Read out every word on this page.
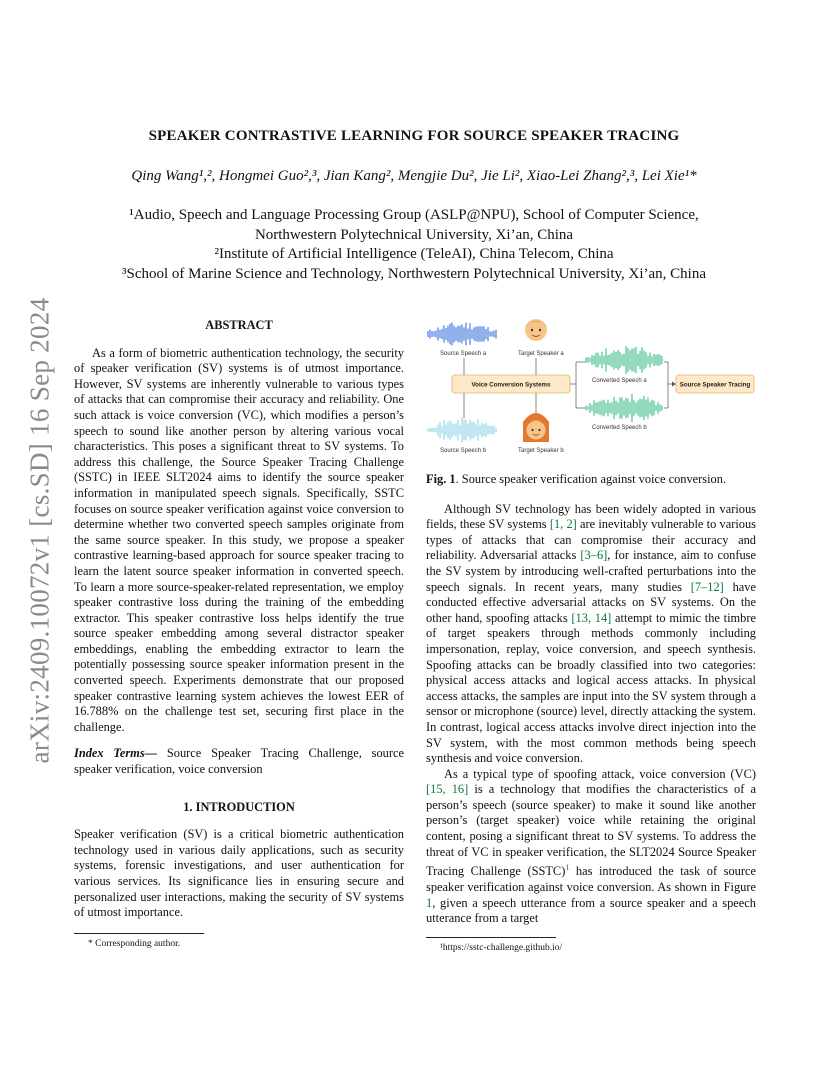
arXiv:2409.10072v1 [cs.SD] 16 Sep 2024
SPEAKER CONTRASTIVE LEARNING FOR SOURCE SPEAKER TRACING
Qing Wang¹,², Hongmei Guo²,³, Jian Kang², Mengjie Du², Jie Li², Xiao-Lei Zhang²,³, Lei Xie¹*
¹Audio, Speech and Language Processing Group (ASLP@NPU), School of Computer Science,
Northwestern Polytechnical University, Xi’an, China
²Institute of Artificial Intelligence (TeleAI), China Telecom, China
³School of Marine Science and Technology, Northwestern Polytechnical University, Xi’an, China
ABSTRACT

As a form of biometric authentication technology, the security of speaker verification (SV) systems is of utmost importance. However, SV systems are inherently vulnerable to various types of attacks that can compromise their accuracy and reliability. One such attack is voice conversion (VC), which modifies a person’s speech to sound like another person by altering various vocal characteristics. This poses a significant threat to SV systems. To address this challenge, the Source Speaker Tracing Challenge (SSTC) in IEEE SLT2024 aims to identify the source speaker information in manipulated speech signals. Specifically, SSTC focuses on source speaker verification against voice conversion to determine whether two converted speech samples originate from the same source speaker. In this study, we propose a speaker contrastive learning-based approach for source speaker tracing to learn the latent source speaker information in converted speech. To learn a more source-speaker-related representation, we employ speaker contrastive loss during the training of the embedding extractor. This speaker contrastive loss helps identify the true source speaker embedding among several distractor speaker embeddings, enabling the embedding extractor to learn the potentially possessing source speaker information present in the converted speech. Experiments demonstrate that our proposed speaker contrastive learning system achieves the lowest EER of 16.788% on the challenge test set, securing first place in the challenge.

Index Terms— Source Speaker Tracing Challenge, source speaker verification, voice conversion

1. INTRODUCTION

Speaker verification (SV) is a critical biometric authentication technology used in various daily applications, such as security systems, forensic investigations, and user authentication for various services. Its significance lies in ensuring secure and personalized user interactions, making the security of SV systems of utmost importance.

* Corresponding author.
Source Speech a	Target Speaker a
Voice Conversion Systems
Converted Speech a
Converted Speech b
Source Speaker Tracing
Source Speech b	Target Speaker b

Fig. 1. Source speaker verification against voice conversion.

Although SV technology has been widely adopted in various fields, these SV systems [1, 2] are inevitably vulnerable to various types of attacks that can compromise their accuracy and reliability. Adversarial attacks [3–6], for instance, aim to confuse the SV system by introducing well-crafted perturbations into the speech signals. In recent years, many studies [7–12] have conducted effective adversarial attacks on SV systems. On the other hand, spoofing attacks [13, 14] attempt to mimic the timbre of target speakers through methods commonly including impersonation, replay, voice conversion, and speech synthesis. Spoofing attacks can be broadly classified into two categories: physical access attacks and logical access attacks. In physical access attacks, the samples are input into the SV system through a sensor or microphone (source) level, directly attacking the system. In contrast, logical access attacks involve direct injection into the SV system, with the most common methods being speech synthesis and voice conversion.

As a typical type of spoofing attack, voice conversion (VC) [15, 16] is a technology that modifies the characteristics of a person’s speech (source speaker) to make it sound like another person’s (target speaker) voice while retaining the original content, posing a significant threat to SV systems. To address the threat of VC in speaker verification, the SLT2024 Source Speaker Tracing Challenge (SSTC)$^1$ has introduced the task of source speaker verification against voice conversion. As shown in Figure 1, given a speech utterance from a source speaker and a speech utterance from a target

¹https://sstc-challenge.github.io/
